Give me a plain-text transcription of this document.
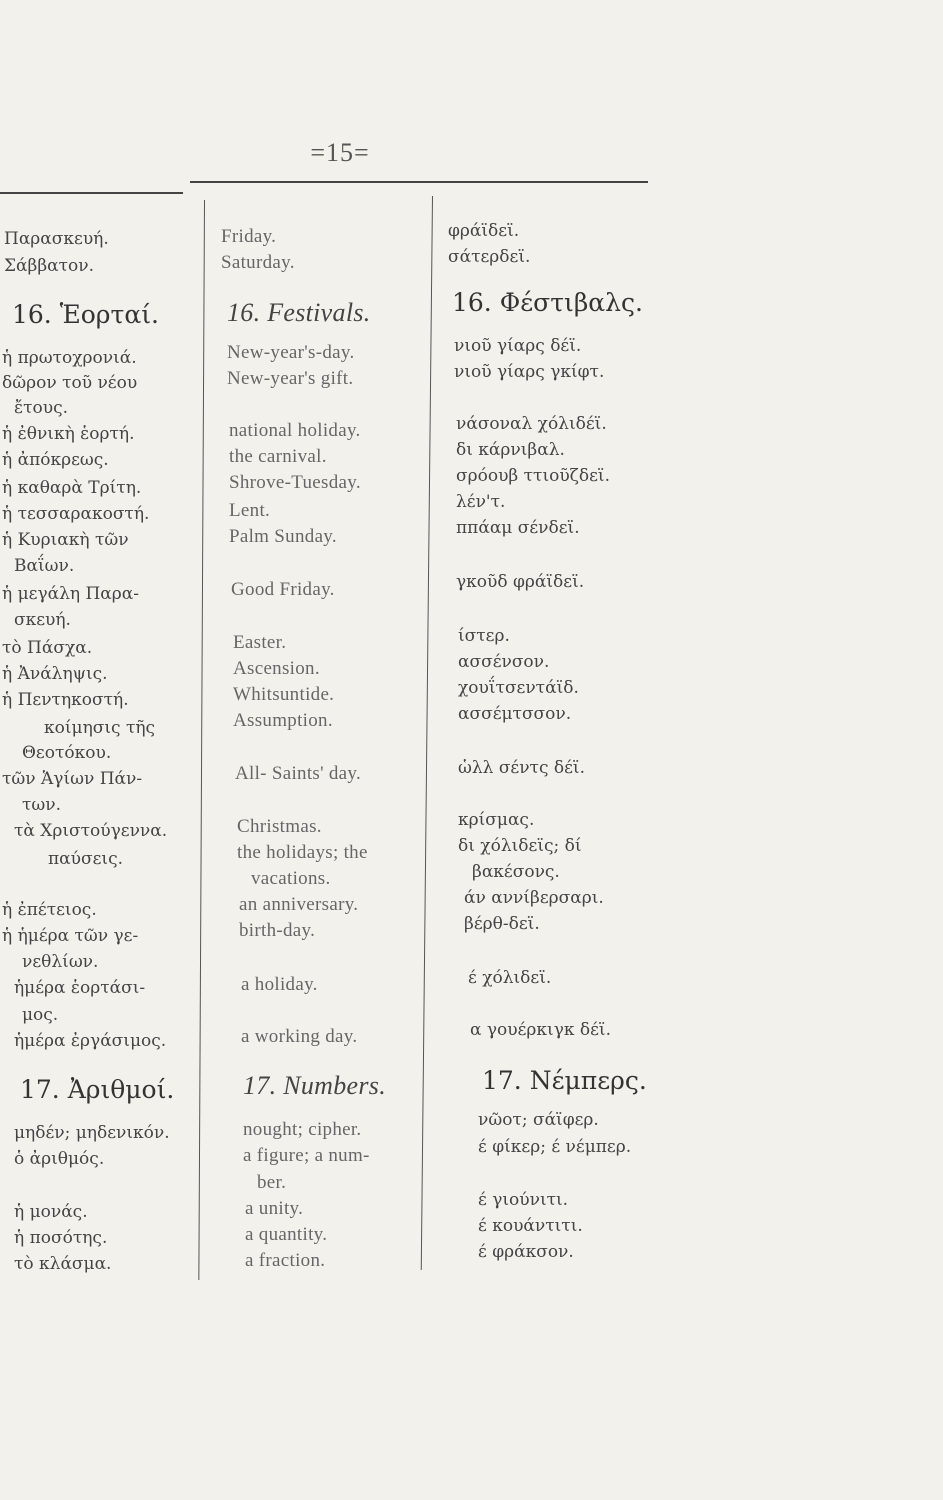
=15=
Παρασκευή.
Σάββατον.
16. Ἑορταί.
ἡ πρωτοχρονιά.
δῶρον τοῦ νέου
ἔτους.
ἡ ἐθνικὴ ἑορτή.
ἡ ἀπόκρεως.
ἡ καθαρὰ Τρίτη.
ἡ τεσσαρακοστή.
ἡ Κυριακὴ τῶν
Βαΐων.
ἡ μεγάλη Παρα-
σκευή.
τὸ Πάσχα.
ἡ Ἀνάληψις.
ἡ Πεντηκοστή.
κοίμησις τῆς
Θεοτόκου.
τῶν Ἁγίων Πάν-
των.
τὰ Χριστούγεννα.
παύσεις.
ἡ ἐπέτειος.
ἡ ἡμέρα τῶν γε-
νεθλίων.
ἡμέρα ἑορτάσι-
μος.
ἡμέρα ἐργάσιμος.
17. Ἀριθμοί.
μηδέν; μηδενικόν.
ὁ ἀριθμός.
ἡ μονάς.
ἡ ποσότης.
τὸ κλάσμα.
Friday.
Saturday.
16. Festivals.
New-year's-day.
New-year's gift.
national holiday.
the carnival.
Shrove-Tuesday.
Lent.
Palm Sunday.
Good Friday.
Easter.
Ascension.
Whitsuntide.
Assumption.
All- Saints' day.
Christmas.
the holidays; the
vacations.
an anniversary.
birth-day.
a holiday.
a working day.
17. Numbers.
nought; cipher.
a figure; a num-
ber.
a unity.
a quantity.
a fraction.
φράϊδεϊ.
σάτερδεϊ.
16. Φέστιβαλς.
νιοῦ γίαρς δέϊ.
νιοῦ γίαρς γκίφτ.
νάσοναλ χόλιδέϊ.
δι κάρνιβαλ.
σρόουβ ττιοῦζδεϊ.
λέν'τ.
ππάαμ σένδεϊ.
γκοῦδ φράϊδεϊ.
ίστερ.
ασσένσον.
χουΐτσεντάϊδ.
ασσέμτσσον.
ὡλλ σέντς δέϊ.
κρίσμας.
δι χόλιδεϊς; δί
βακέσονς.
άν αννίβερσαρι.
βέρθ-δεϊ.
έ χόλιδεϊ.
α γουέρκιγκ δέϊ.
17. Νέμπερς.
νῶοτ; σάϊφερ.
έ φίκερ; έ νέμπερ.
έ γιούνιτι.
έ κουάντιτι.
έ φράκσον.
